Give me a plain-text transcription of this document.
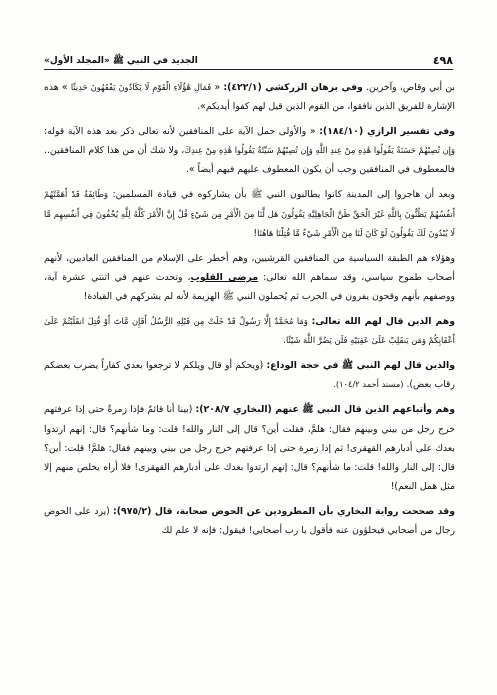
٤٩٨
الجديد في النبي ﷺ «المجلد الأول»

بن أبي وقاص، وآخرين. وفي برهان الزركشي (٤٢٢/١): « فَمَالِ هَٰؤُلَاءِ الْقَوْمِ لَا يَكَادُونَ يَفْقَهُونَ حَدِيثًا » هذه الإشارة للفريق الذين نافقوا، من القوم الذين قيل لهم كفوا أيديكم».

وفي تفسير الرازي (١٨٤/١٠): « والأولى حمل الآية على المنافقين لأنه تعالى ذكر بعد هذه الآية قوله: وَإِن تُصِبْهُمْ حَسَنَةٌ يَقُولُوا هَٰذِهِ مِنْ عِندِ اللَّهِ وَإِن تُصِبْهُمْ سَيِّئَةٌ يَقُولُوا هَٰذِهِ مِنْ عِندِكَ، ولا شك أن من هذا كلام المنافقين.. فالمعطوف في المنافقين وجب أن يكون المعطوف عليهم فيهم أيضاً ».

وبعد أن هاجروا إلى المدينة كانوا يطالبون النبي ﷺ بأن يشاركوه في قيادة المسلمين: وَطَائِفَةٌ قَدْ أَهَمَّتْهُمْ أَنفُسُهُمْ يَظُنُّونَ بِاللَّهِ غَيْرَ الْحَقِّ ظَنَّ الْجَاهِلِيَّةِ يَقُولُونَ هَل لَّنَا مِنَ الْأَمْرِ مِن شَيْءٍ قُلْ إِنَّ الْأَمْرَ كُلَّهُ لِلَّهِ يُخْفُونَ فِي أَنفُسِهِم مَّا لَا يُبْدُونَ لَكَ يَقُولُونَ لَوْ كَانَ لَنَا مِنَ الْأَمْرِ شَيْءٌ مَّا قُتِلْنَا هَاهُنَا!

وهؤلاء هم الطبقة السياسية من المنافقين القرشيين، وهم أخطر على الإسلام من المنافقين العاديين، لأنهم أصحاب طموح سياسي، وقد سماهم الله تعالى: مرضى القلوب، وتحدث عنهم في اثنتي عشرة آية، ووصفهم بأنهم وقحون يفرون في الحرب ثم يُحملون النبي ﷺ الهزيمة لأنه لم يشركهم في القيادة!

وهم الذين قال لهم الله تعالى: وَمَا مُحَمَّدٌ إِلَّا رَسُولٌ قَدْ خَلَتْ مِن قَبْلِهِ الرُّسُلُ أَفَإِن مَّاتَ أَوْ قُتِلَ انقَلَبْتُمْ عَلَىٰ أَعْقَابِكُمْ وَمَن يَنقَلِبْ عَلَىٰ عَقِبَيْهِ فَلَن يَضُرَّ اللَّهَ شَيْئًا.

والذين قال لهم النبي ﷺ في حجة الوداع: (ويحكم أو قال ويلكم لا ترجعوا بعدي كفاراً يضرب بعضكم رقاب بعض). (مسند أحمد ١٠٤/٢).

وهم وأتباعهم الذين قال النبي ﷺ عنهم (البخاري ٢٠٨/٧): (بينا أنا قائمٌ فإذا زمرةٌ حتى إذا عرفتهم خرج رجل من بيني وبينهم فقال: هلمَّ، فقلت أين؟ قال إلى النار والله! قلت: وما شأنهم؟ قال: إنهم ارتدوا بعدك على أدبارهم القهقرى! ثم إذا زمرة حتى إذا عرفتهم خرج رجل من بيني وبينهم فقال: هلمَّ! قلت: أين؟ قال: إلى النار والله! قلت: ما شأنهم؟ قال: إنهم ارتدوا بعدك على أدبارهم القهقرى! فلا أراه يخلص منهم إلا مثل همل النعم)!

وقد صححت رواية البخاري بأن المطرودين عن الحوض صحابة، قال (٩٧٥/٢): (يرد على الحوض رجال من أصحابي فيحلؤون عنه فأقول يا رب أصحابي! فيقول: فإنه لا علم لك
